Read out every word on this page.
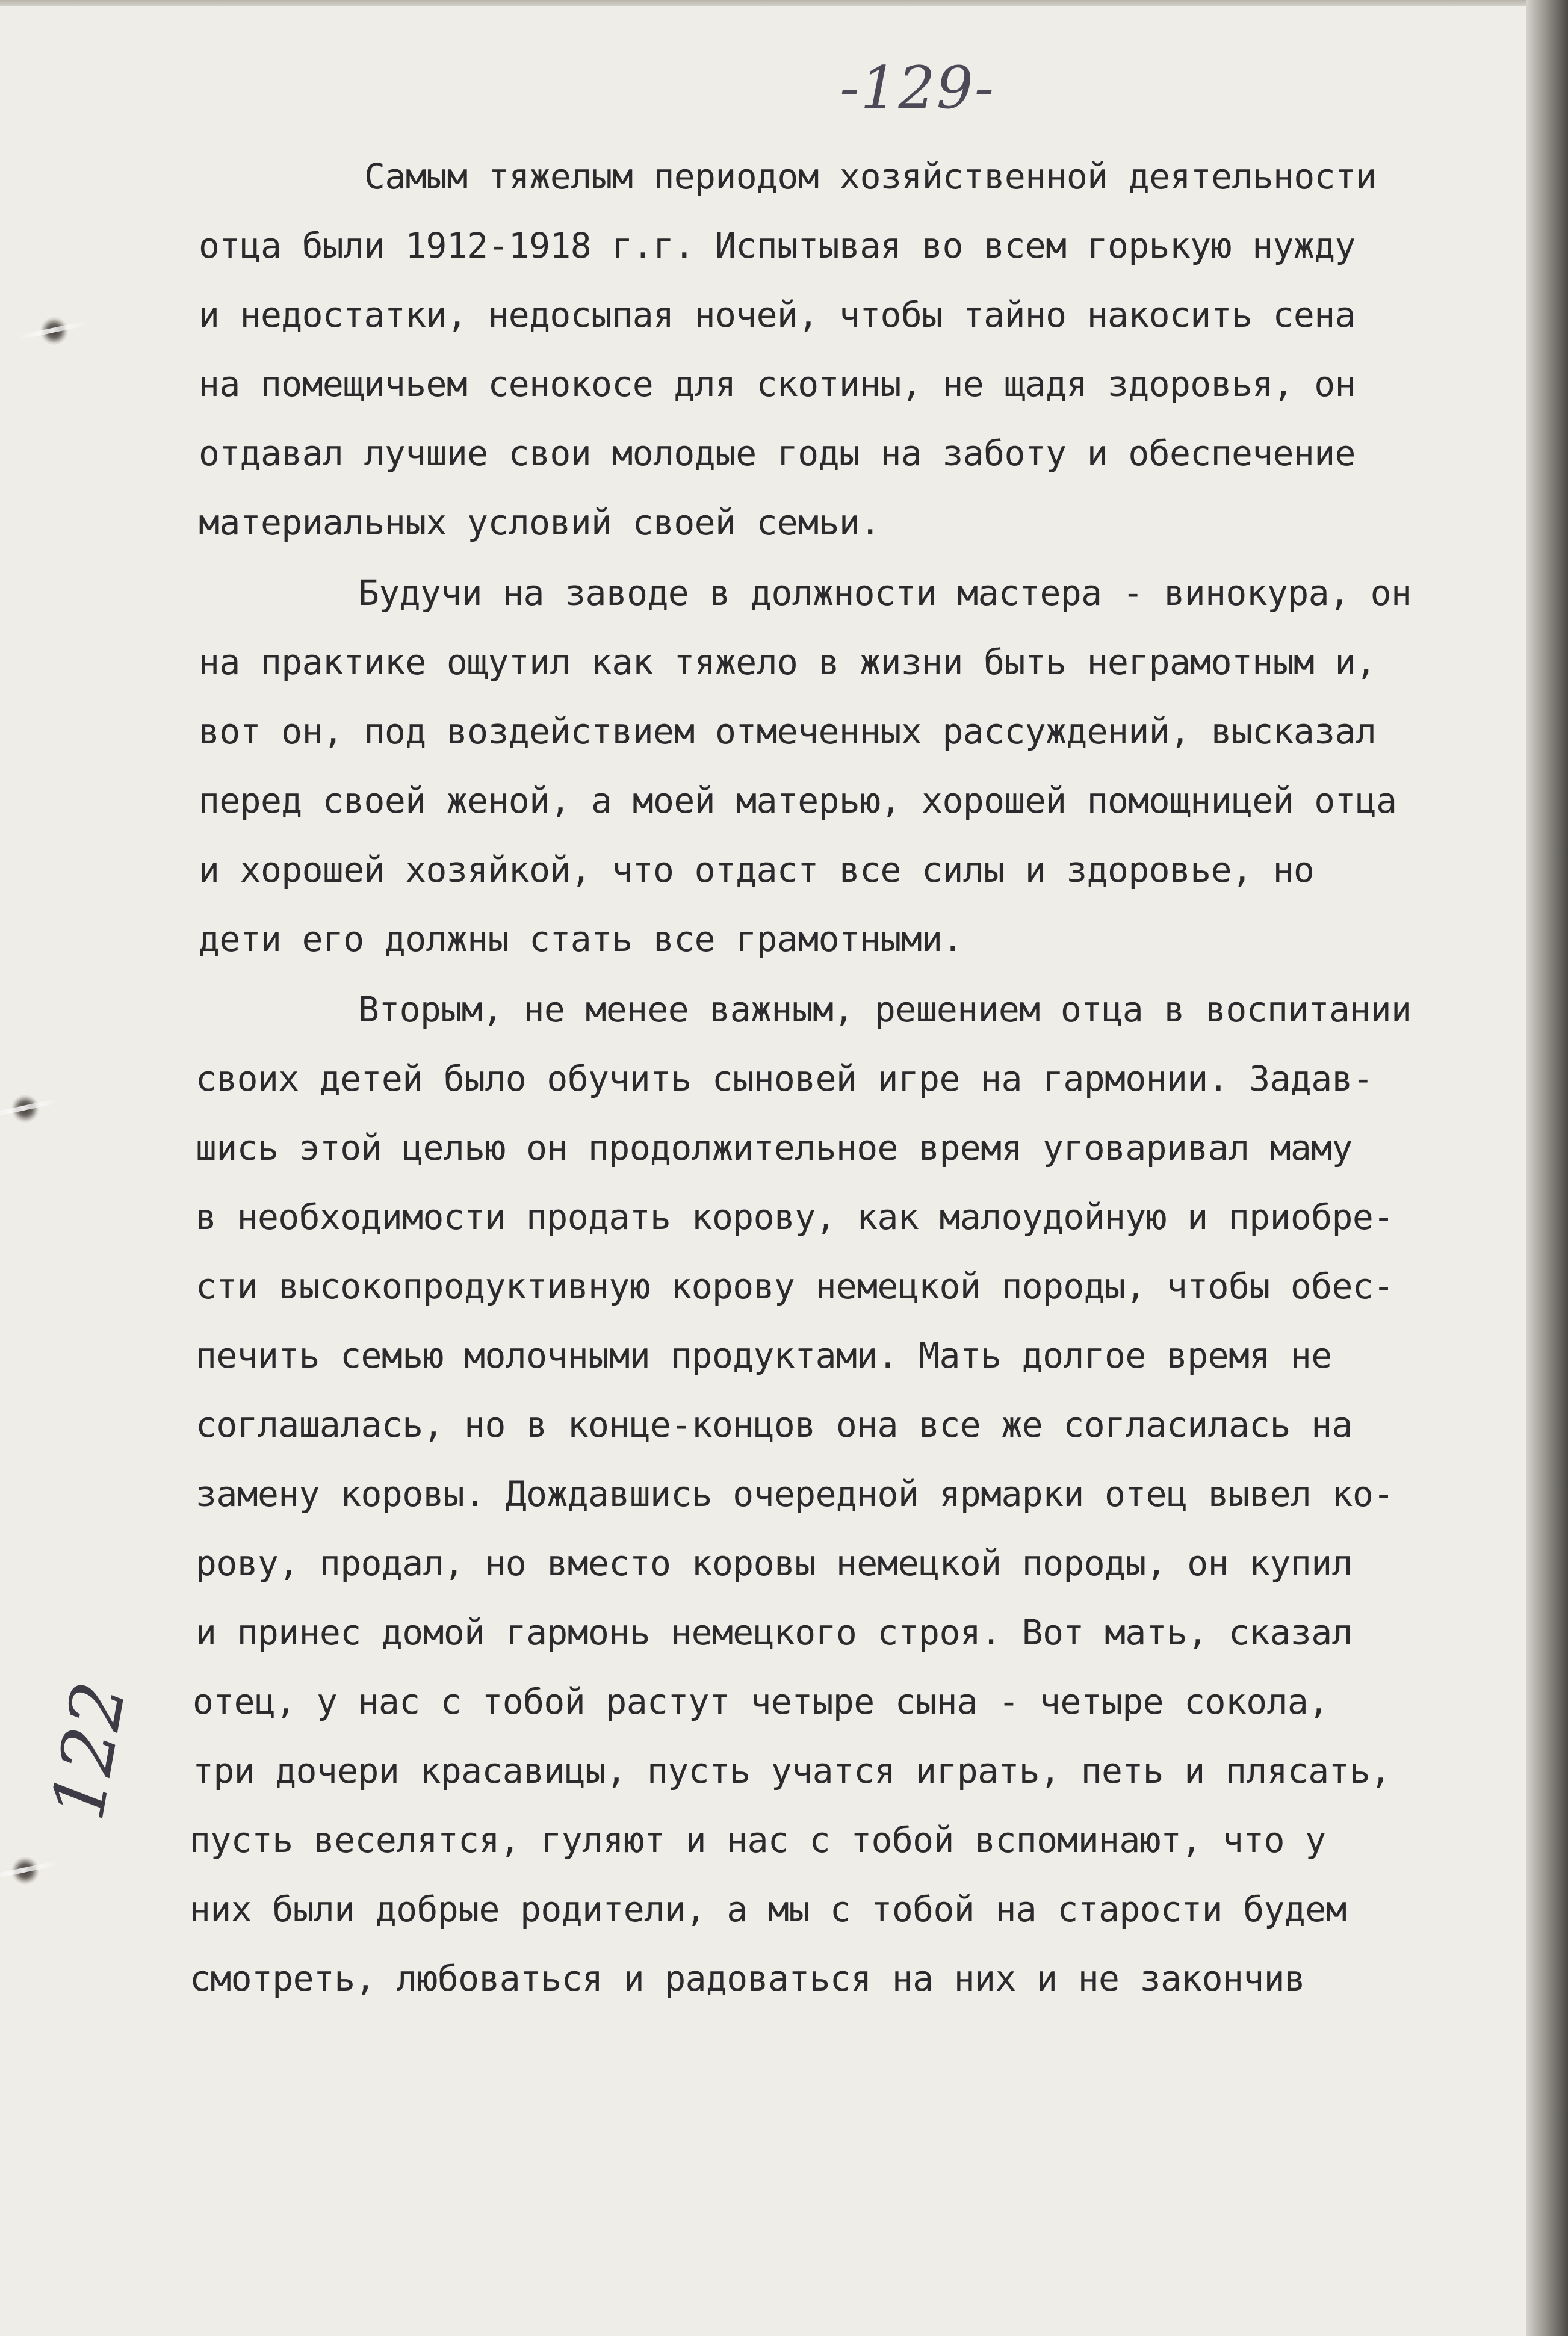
-129-
122

Самым тяжелым периодом хозяйственной деятельности

отца были 1912-1918 г.г. Испытывая во всем горькую нужду

и недостатки, недосыпая ночей, чтобы тайно накосить сена

на помещичьем сенокосе для скотины, не щадя здоровья, он

отдавал лучшие свои молодые годы на заботу и обеспечение

материальных условий своей семьи.

Будучи на заводе в должности мастера - винокура, он

на практике ощутил как тяжело в жизни быть неграмотным и,

вот он, под воздействием отмеченных рассуждений, высказал

перед своей женой, а моей матерью, хорошей помощницей отца

и хорошей хозяйкой, что отдаст все силы и здоровье, но

дети его должны стать все грамотными.

Вторым, не менее важным, решением отца в воспитании

своих детей было обучить сыновей игре на гармонии. Задав-

шись этой целью он продолжительное время уговаривал маму

в необходимости продать корову, как малоудойную и приобре-

сти высокопродуктивную корову немецкой породы, чтобы обес-

печить семью молочными продуктами. Мать долгое время не

соглашалась, но в конце-концов она все же согласилась на

замену коровы. Дождавшись очередной ярмарки отец вывел ко-

рову, продал, но вместо коровы немецкой породы, он купил

и принес домой гармонь немецкого строя. Вот мать, сказал

отец, у нас с тобой растут четыре сына - четыре сокола,

три дочери красавицы, пусть учатся играть, петь и плясать,

пусть веселятся, гуляют и нас с тобой вспоминают, что у

них были добрые родители, а мы с тобой на старости будем

смотреть, любоваться и радоваться на них и не закончив
